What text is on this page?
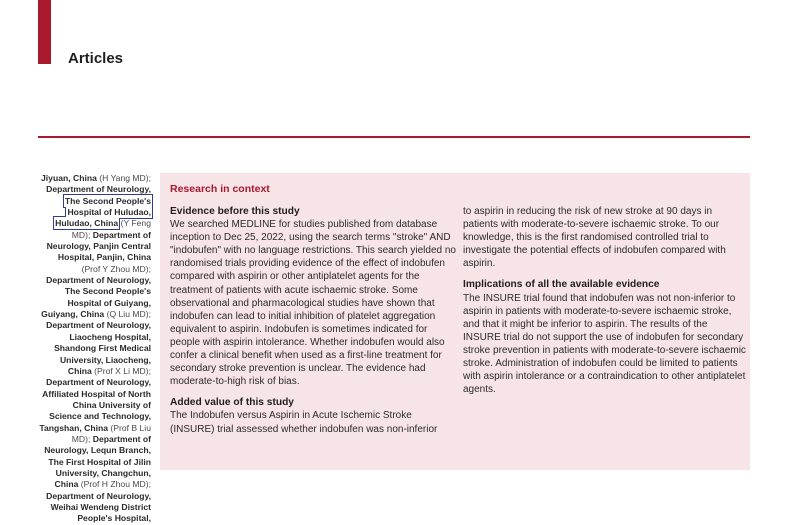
Articles
Jiyuan, China (H Yang MD); Department of Neurology, The Second People's Hospital of Huludao, Huludao, China (Y Feng MD); Department of Neurology, Panjin Central Hospital, Panjin, China (Prof Y Zhou MD); Department of Neurology, The Second People's Hospital of Guiyang, Guiyang, China (Q Liu MD); Department of Neurology, Liaocheng Hospital, Shandong First Medical University, Liaocheng, China (Prof X Li MD); Department of Neurology, Affiliated Hospital of North China University of Science and Technology, Tangshan, China (Prof B Liu MD); Department of Neurology, Lequn Branch, The First Hospital of Jilin University, Changchun, China (Prof H Zhou MD); Department of Neurology, Weihai Wendeng District People's Hospital,
Research in context

Evidence before this study

We searched MEDLINE for studies published from database inception to Dec 25, 2022, using the search terms "stroke" AND "indobufen" with no language restrictions. This search yielded no randomised trials providing evidence of the effect of indobufen compared with aspirin or other antiplatelet agents for the treatment of patients with acute ischaemic stroke. Some observational and pharmacological studies have shown that indobufen can lead to initial inhibition of platelet aggregation equivalent to aspirin. Indobufen is sometimes indicated for people with aspirin intolerance. Whether indobufen would also confer a clinical benefit when used as a first-line treatment for secondary stroke prevention is unclear. The evidence had moderate-to-high risk of bias.

Added value of this study

The Indobufen versus Aspirin in Acute Ischemic Stroke (INSURE) trial assessed whether indobufen was non-inferior

to aspirin in reducing the risk of new stroke at 90 days in patients with moderate-to-severe ischaemic stroke. To our knowledge, this is the first randomised controlled trial to investigate the potential effects of indobufen compared with aspirin.

Implications of all the available evidence

The INSURE trial found that indobufen was not non-inferior to aspirin in patients with moderate-to-severe ischaemic stroke, and that it might be inferior to aspirin. The results of the INSURE trial do not support the use of indobufen for secondary stroke prevention in patients with moderate-to-severe ischaemic stroke. Administration of indobufen could be limited to patients with aspirin intolerance or a contraindication to other antiplatelet agents.
